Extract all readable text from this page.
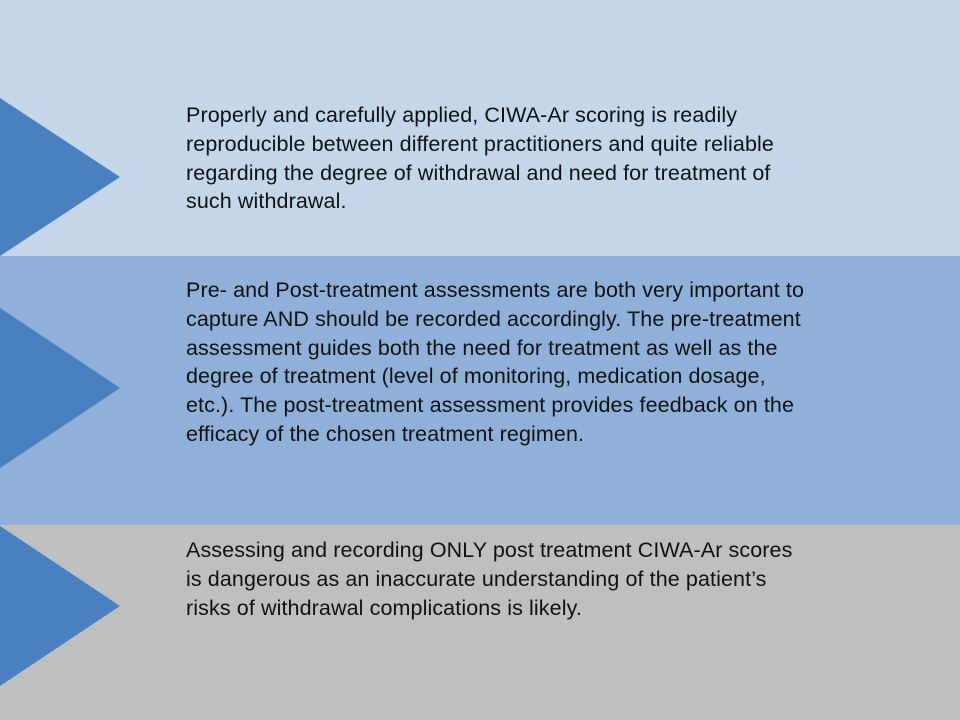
Properly and carefully applied, CIWA-Ar scoring is readily reproducible between different practitioners and quite reliable regarding the degree of withdrawal and need for treatment of such withdrawal.

Pre- and Post-treatment assessments are both very important to capture AND should be recorded accordingly. The pre-treatment assessment guides both the need for treatment as well as the degree of treatment (level of monitoring, medication dosage, etc.). The post-treatment assessment provides feedback on the efficacy of the chosen treatment regimen.

Assessing and recording ONLY post treatment CIWA-Ar scores is dangerous as an inaccurate understanding of the patient’s risks of withdrawal complications is likely.
